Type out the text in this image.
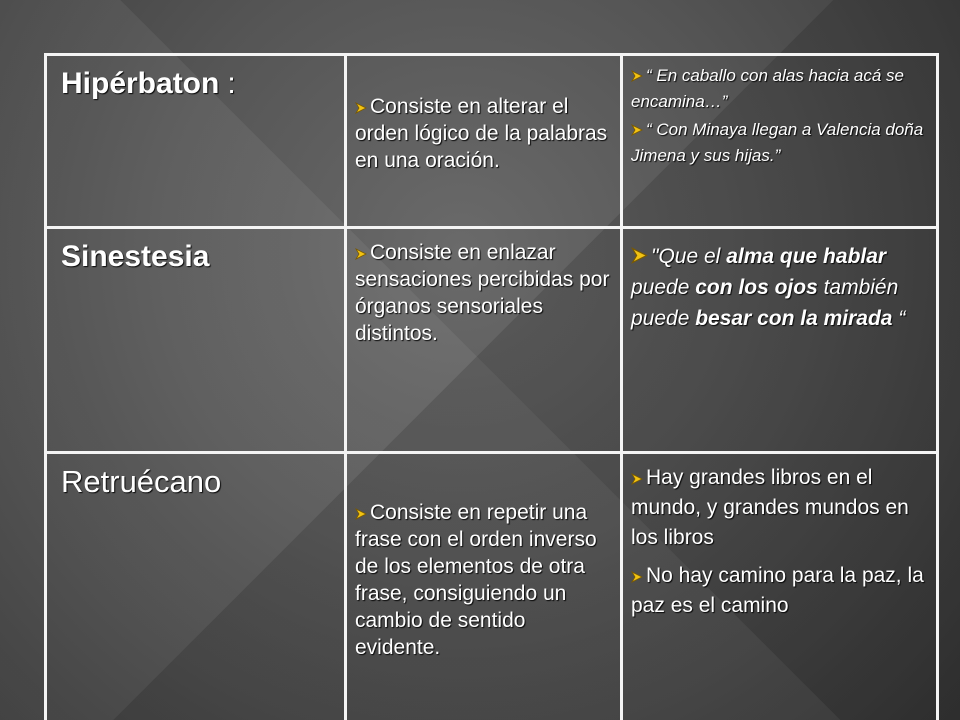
Hipérbaton :	Consiste en alterar el orden lógico de la palabras en una oración.	“ En caballo con alas hacia acá se encamina…”
“ Con Minaya llegan a Valencia doña Jimena y sus hijas.”

Sinestesia	Consiste en enlazar sensaciones percibidas por órganos sensoriales distintos.	"Que el alma que hablar puede con los ojos también puede besar con la mirada “

Retruécano	Consiste en repetir una frase con el orden inverso de los elementos de otra frase, consiguiendo un cambio de sentido evidente.	Hay grandes libros en el mundo, y grandes mundos en los libros
No hay camino para la paz, la paz es el camino
